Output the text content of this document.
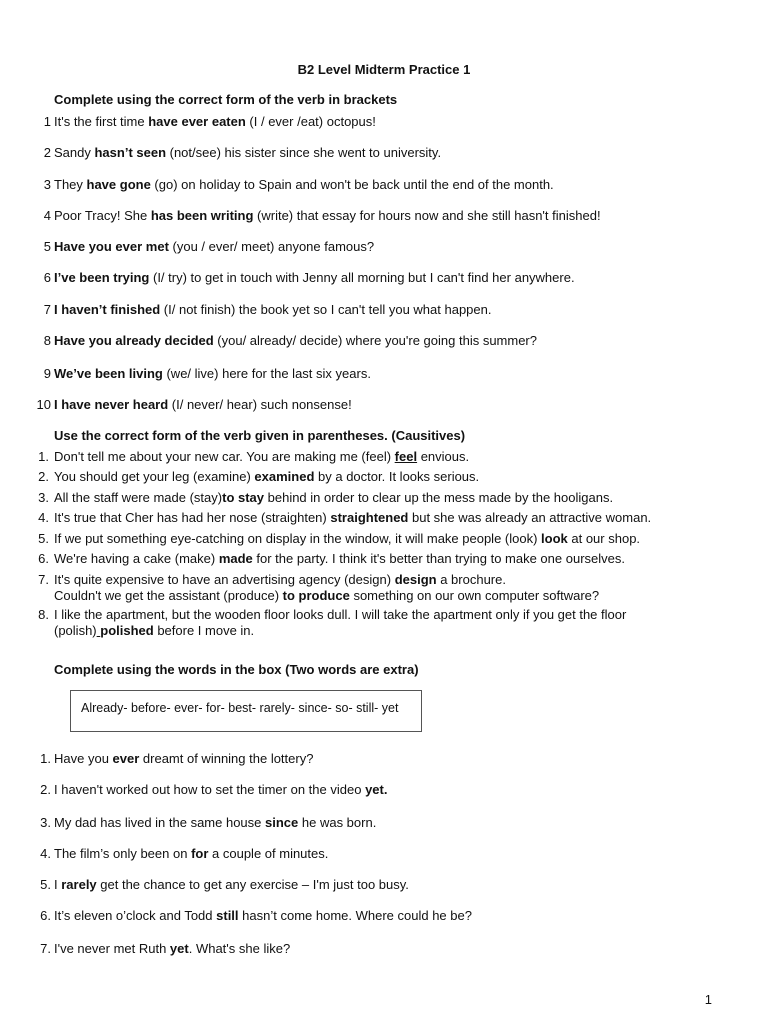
B2 Level Midterm Practice 1
Complete using the correct form of the verb in brackets
1 It's the first time have ever eaten (I / ever /eat) octopus!
2 Sandy hasn’t seen (not/see) his sister since she went to university.
3 They have gone (go) on holiday to Spain and won't be back until the end of the month.
4 Poor Tracy! She has been writing (write) that essay for hours now and she still hasn't finished!
5 Have you ever met (you / ever/ meet) anyone famous?
6 I’ve been trying (I/ try) to get in touch with Jenny all morning but I can't find her anywhere.
7 I haven’t finished (I/ not finish) the book yet so I can't tell you what happen.
8 Have you already decided (you/ already/ decide) where you're going this summer?
9 We’ve been living (we/ live) here for the last six years.
10 I have never heard (I/ never/ hear) such nonsense!
Use the correct form of the verb given in parentheses. (Causitives)
1. Don't tell me about your new car. You are making me (feel) feel envious.
2. You should get your leg (examine) examined by a doctor. It looks serious.
3. All the staff were made (stay)to stay behind in order to clear up the mess made by the hooligans.
4. It's true that Cher has had her nose (straighten) straightened but she was already an attractive woman.
5. If we put something eye-catching on display in the window, it will make people (look) look at our shop.
6. We're having a cake (make) made for the party. I think it's better than trying to make one ourselves.
7. It's quite expensive to have an advertising agency (design) design a brochure.
Couldn't we get the assistant (produce) to produce something on our own computer software?
8. I like the apartment, but the wooden floor looks dull. I will take the apartment only if you get the floor
(polish) polished before I move in.
Complete using the words in the box (Two words are extra)
Already- before- ever- for- best- rarely- since- so- still- yet
1. Have you ever dreamt of winning the lottery?
2. I haven't worked out how to set the timer on the video yet.
3. My dad has lived in the same house since he was born.
4. The film’s only been on for a couple of minutes.
5. I rarely get the chance to get any exercise – I'm just too busy.
6. It’s eleven o’clock and Todd still hasn’t come home. Where could he be?
7. I've never met Ruth yet. What's she like?
1
